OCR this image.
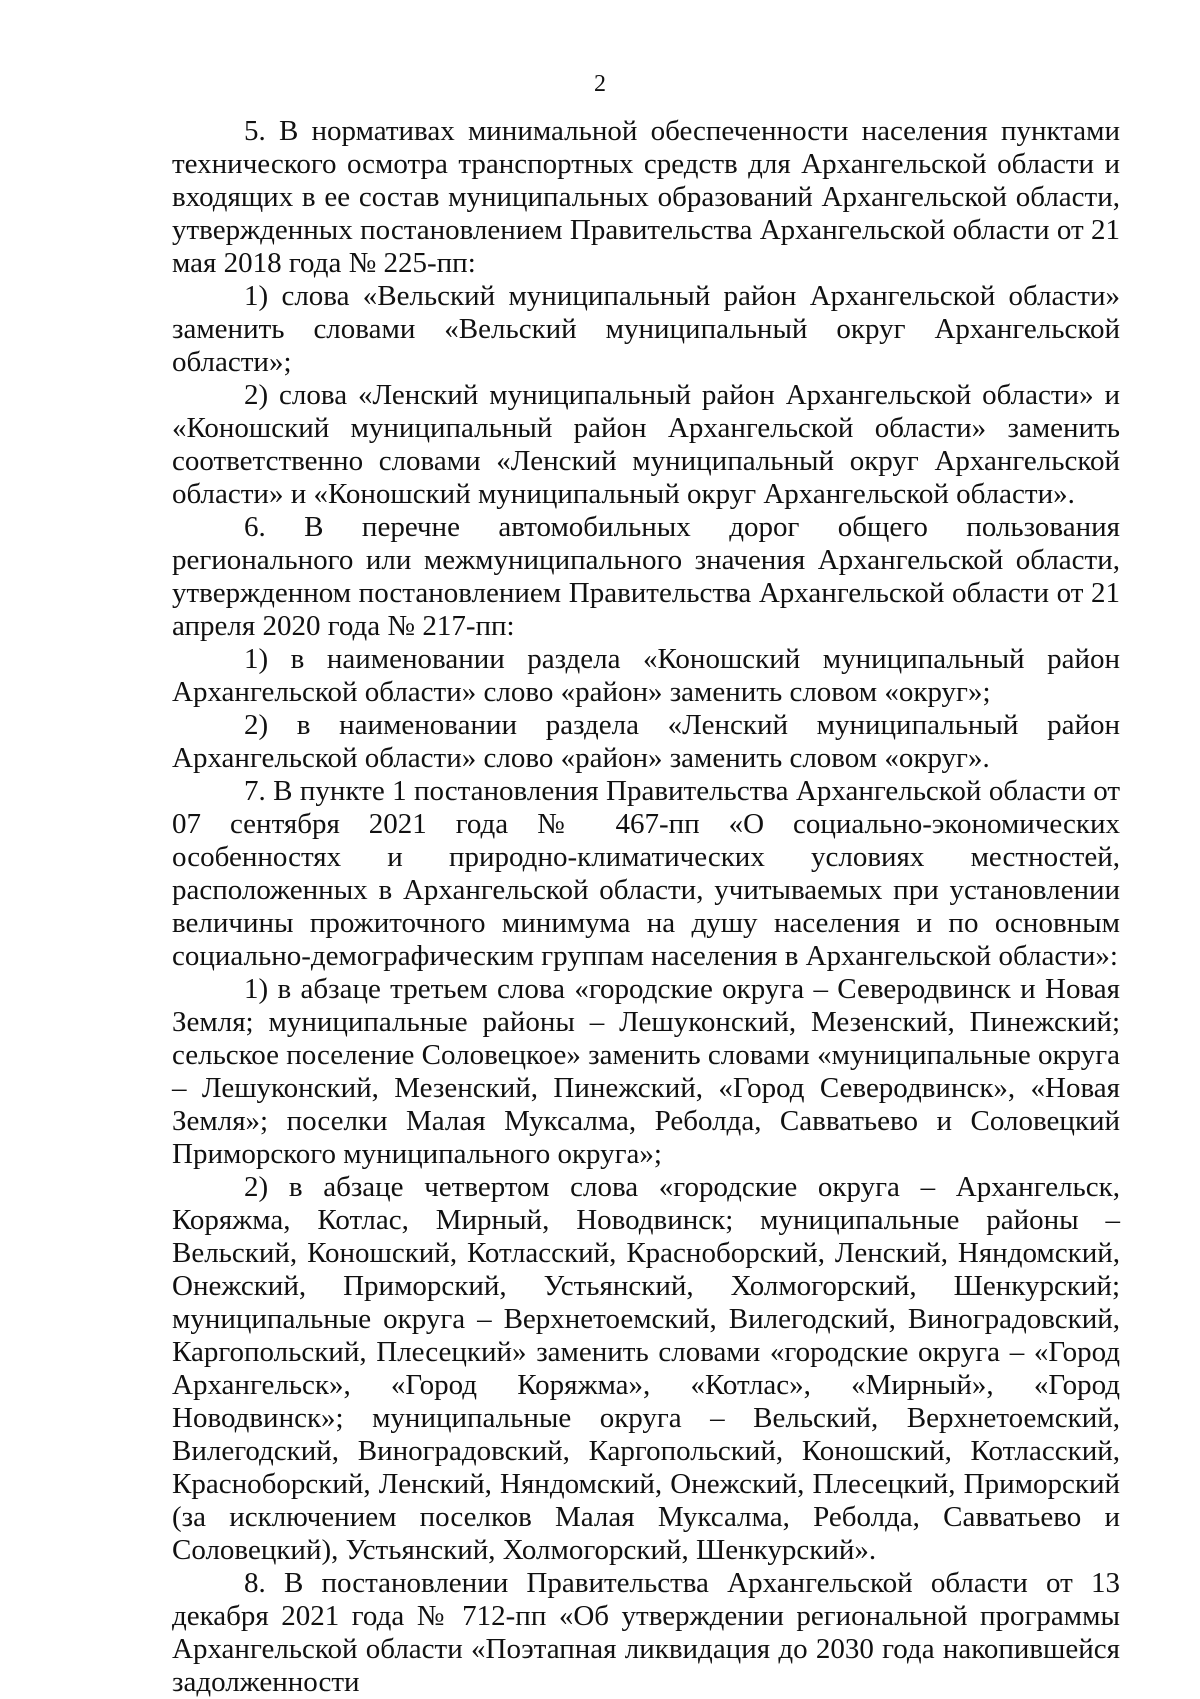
2

5. В нормативах минимальной обеспеченности населения пунктами технического осмотра транспортных средств для Архангельской области и входящих в ее состав муниципальных образований Архангельской области, утвержденных постановлением Правительства Архангельской области от 21 мая 2018 года № 225-пп:

1) слова «Вельский муниципальный район Архангельской области» заменить словами «Вельский муниципальный округ Архангельской области»;

2) слова «Ленский муниципальный район Архангельской области» и «Коношский муниципальный район Архангельской области» заменить соответственно словами «Ленский муниципальный округ Архангельской области» и «Коношский муниципальный округ Архангельской области».

6. В перечне автомобильных дорог общего пользования регионального или межмуниципального значения Архангельской области, утвержденном постановлением Правительства Архангельской области от 21 апреля 2020 года № 217-пп:

1) в наименовании раздела «Коношский муниципальный район Архангельской области» слово «район» заменить словом «округ»;

2) в наименовании раздела «Ленский муниципальный район Архангельской области» слово «район» заменить словом «округ».

7. В пункте 1 постановления Правительства Архангельской области от 07 сентября 2021 года № 467-пп «О социально-экономических особенностях и природно-климатических условиях местностей, расположенных в Архангельской области, учитываемых при установлении величины прожиточного минимума на душу населения и по основным социально-демографическим группам населения в Архангельской области»:

1) в абзаце третьем слова «городские округа – Северодвинск и Новая Земля; муниципальные районы – Лешуконский, Мезенский, Пинежский; сельское поселение Соловецкое» заменить словами «муниципальные округа – Лешуконский, Мезенский, Пинежский, «Город Северодвинск», «Новая Земля»; поселки Малая Муксалма, Реболда, Савватьево и Соловецкий Приморского муниципального округа»;

2) в абзаце четвертом слова «городские округа – Архангельск, Коряжма, Котлас, Мирный, Новодвинск; муниципальные районы – Вельский, Коношский, Котласский, Красноборский, Ленский, Няндомский, Онежский, Приморский, Устьянский, Холмогорский, Шенкурский; муниципальные округа – Верхнетоемский, Вилегодский, Виноградовский, Каргопольский, Плесецкий» заменить словами «городские округа – «Город Архангельск», «Город Коряжма», «Котлас», «Мирный», «Город Новодвинск»; муниципальные округа – Вельский, Верхнетоемский, Вилегодский, Виноградовский, Каргопольский, Коношский, Котласский, Красноборский, Ленский, Няндомский, Онежский, Плесецкий, Приморский (за исключением поселков Малая Муксалма, Реболда, Савватьево и Соловецкий), Устьянский, Холмогорский, Шенкурский».

8. В постановлении Правительства Архангельской области от 13 декабря 2021 года № 712-пп «Об утверждении региональной программы Архангельской области «Поэтапная ликвидация до 2030 года накопившейся задолженности
